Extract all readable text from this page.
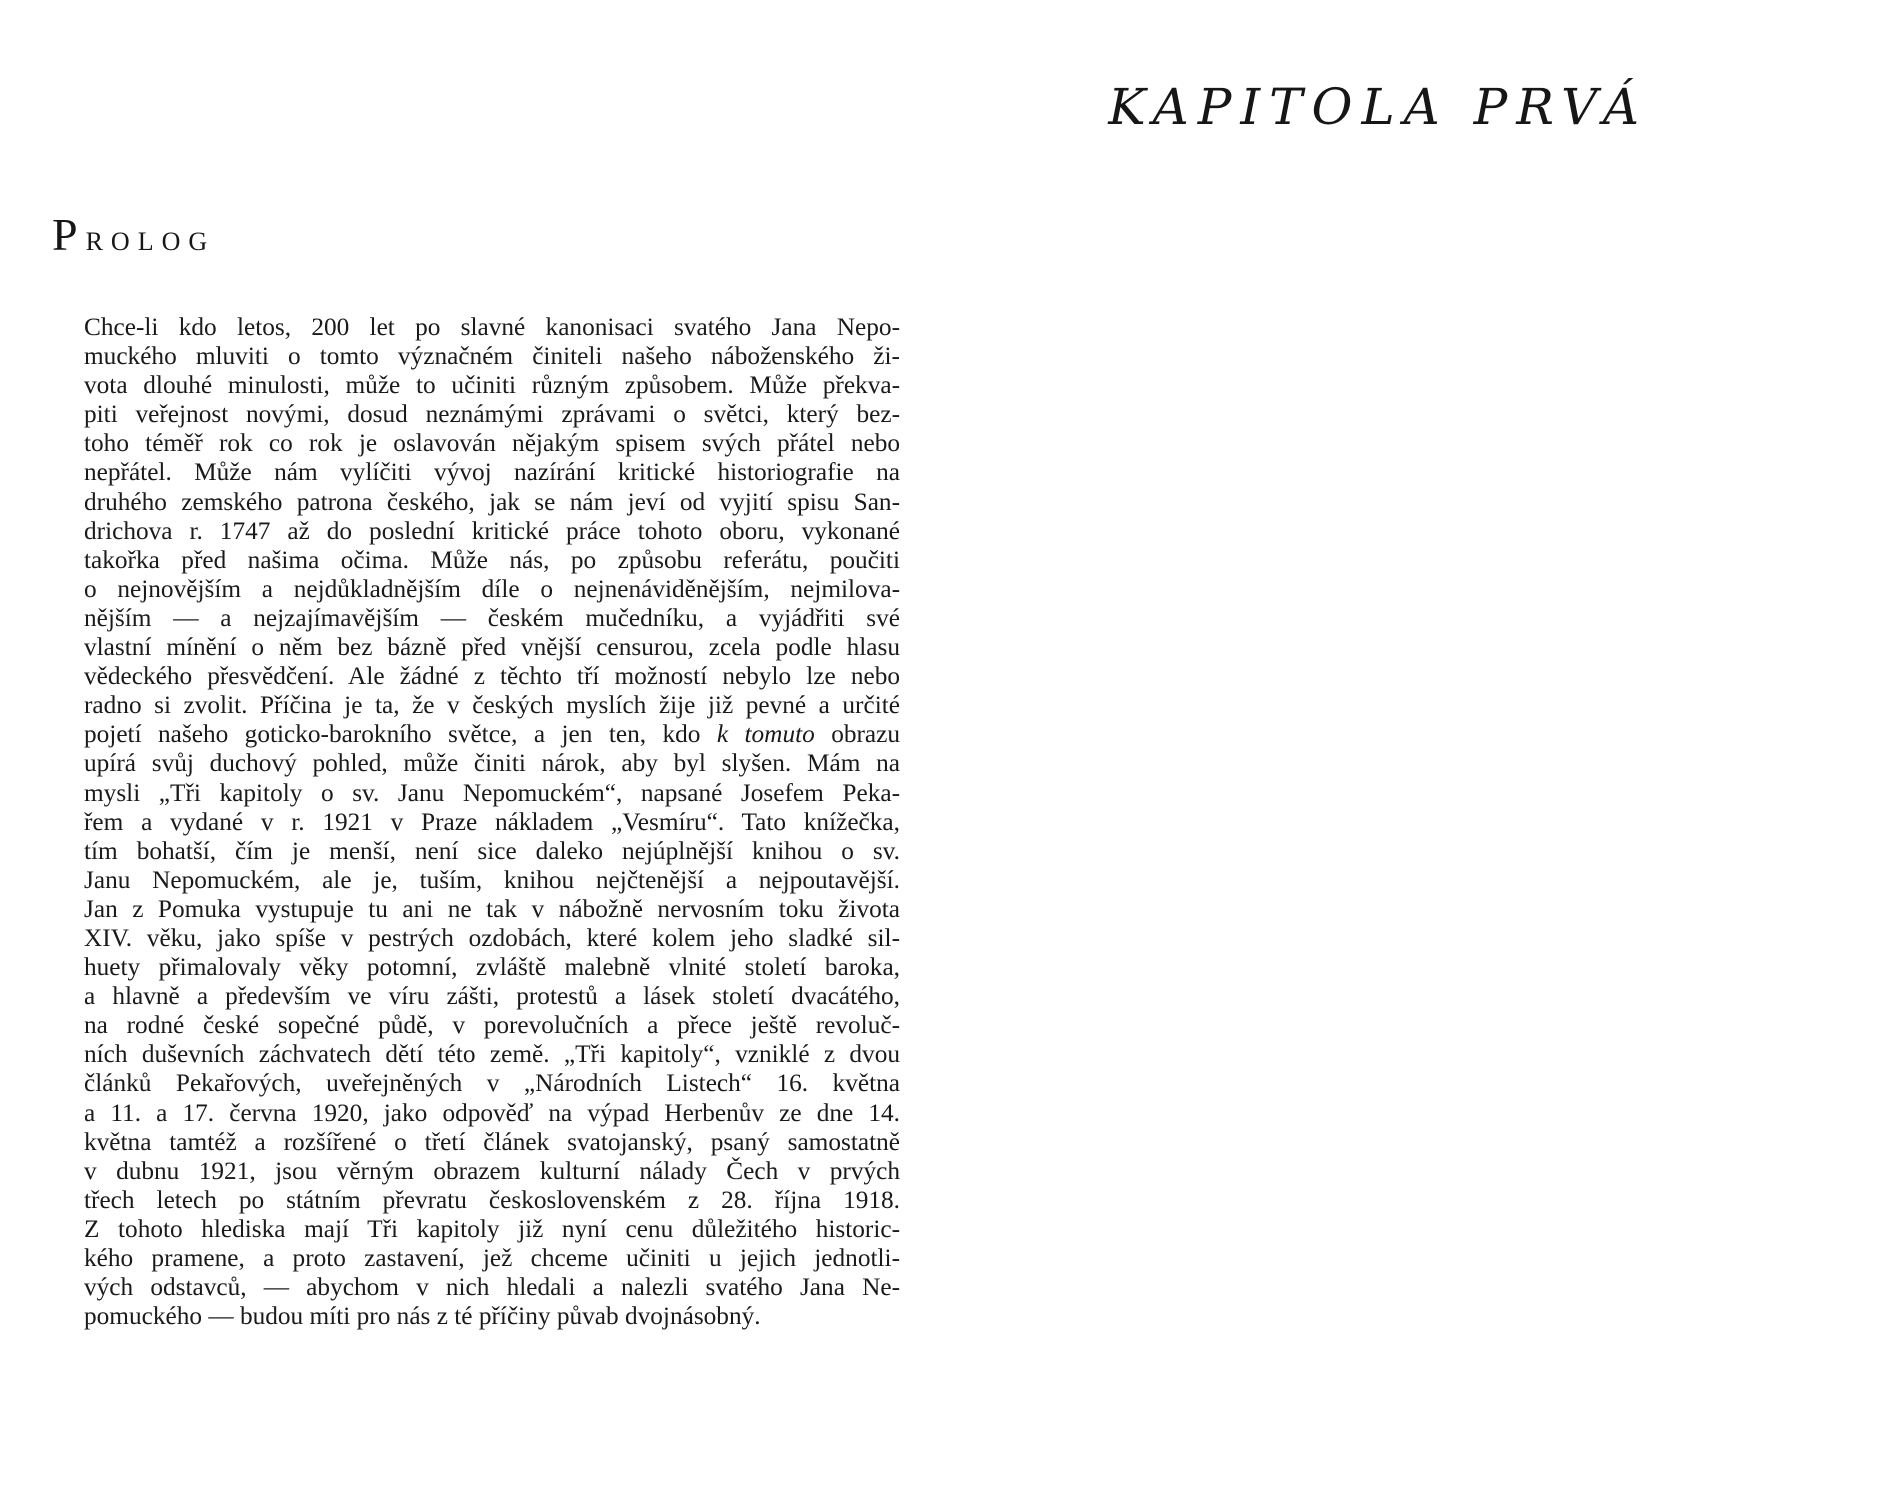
PROLOG
Chce-li kdo letos, 200 let po slavné kanonisaci svatého Jana Nepo-
muckého mluviti o tomto význačném činiteli našeho náboženského ži-
vota dlouhé minulosti, může to učiniti různým způsobem. Může překva-
piti veřejnost novými, dosud neznámými zprávami o světci, který bez-
toho téměř rok co rok je oslavován nějakým spisem svých přátel nebo
nepřátel. Může nám vylíčiti vývoj nazírání kritické historiografie na
druhého zemského patrona českého, jak se nám jeví od vyjití spisu San-
drichova r. 1747 až do poslední kritické práce tohoto oboru, vykonané
takořka před našima očima. Může nás, po způsobu referátu, poučiti
o nejnovějším a nejdůkladnějším díle o nejnenáviděnějším, nejmilova-
nějším — a nejzajímavějším — českém mučedníku, a vyjádřiti své
vlastní mínění o něm bez bázně před vnější censurou, zcela podle hlasu
vědeckého přesvědčení. Ale žádné z těchto tří možností nebylo lze nebo
radno si zvolit. Příčina je ta, že v českých myslích žije již pevné a určité
pojetí našeho goticko-barokního světce, a jen ten, kdo k tomuto obrazu
upírá svůj duchový pohled, může činiti nárok, aby byl slyšen. Mám na
mysli „Tři kapitoly o sv. Janu Nepomuckém“, napsané Josefem Peka-
řem a vydané v r. 1921 v Praze nákladem „Vesmíru“. Tato knížečka,
tím bohatší, čím je menší, není sice daleko nejúplnější knihou o sv.
Janu Nepomuckém, ale je, tuším, knihou nejčtenější a nejpoutavější.
Jan z Pomuka vystupuje tu ani ne tak v nábožně nervosním toku života
XIV. věku, jako spíše v pestrých ozdobách, které kolem jeho sladké sil-
huety přimalovaly věky potomní, zvláště malebně vlnité století baroka,
a hlavně a především ve víru zášti, protestů a lásek století dvacátého,
na rodné české sopečné půdě, v porevolučních a přece ještě revoluč-
ních duševních záchvatech dětí této země. „Tři kapitoly“, vzniklé z dvou
článků Pekařových, uveřejněných v „Národních Listech“ 16. května
a 11. a 17. června 1920, jako odpověď na výpad Herbenův ze dne 14.
května tamtéž a rozšířené o třetí článek svatojanský, psaný samostatně
v dubnu 1921, jsou věrným obrazem kulturní nálady Čech v prvých
třech letech po státním převratu československém z 28. října 1918.
Z tohoto hlediska mají Tři kapitoly již nyní cenu důležitého historic-
kého pramene, a proto zastavení, jež chceme učiniti u jejich jednotli-
vých odstavců, — abychom v nich hledali a nalezli svatého Jana Ne-
pomuckého — budou míti pro nás z té příčiny půvab dvojnásobný.
KAPITOLA PRVÁ
